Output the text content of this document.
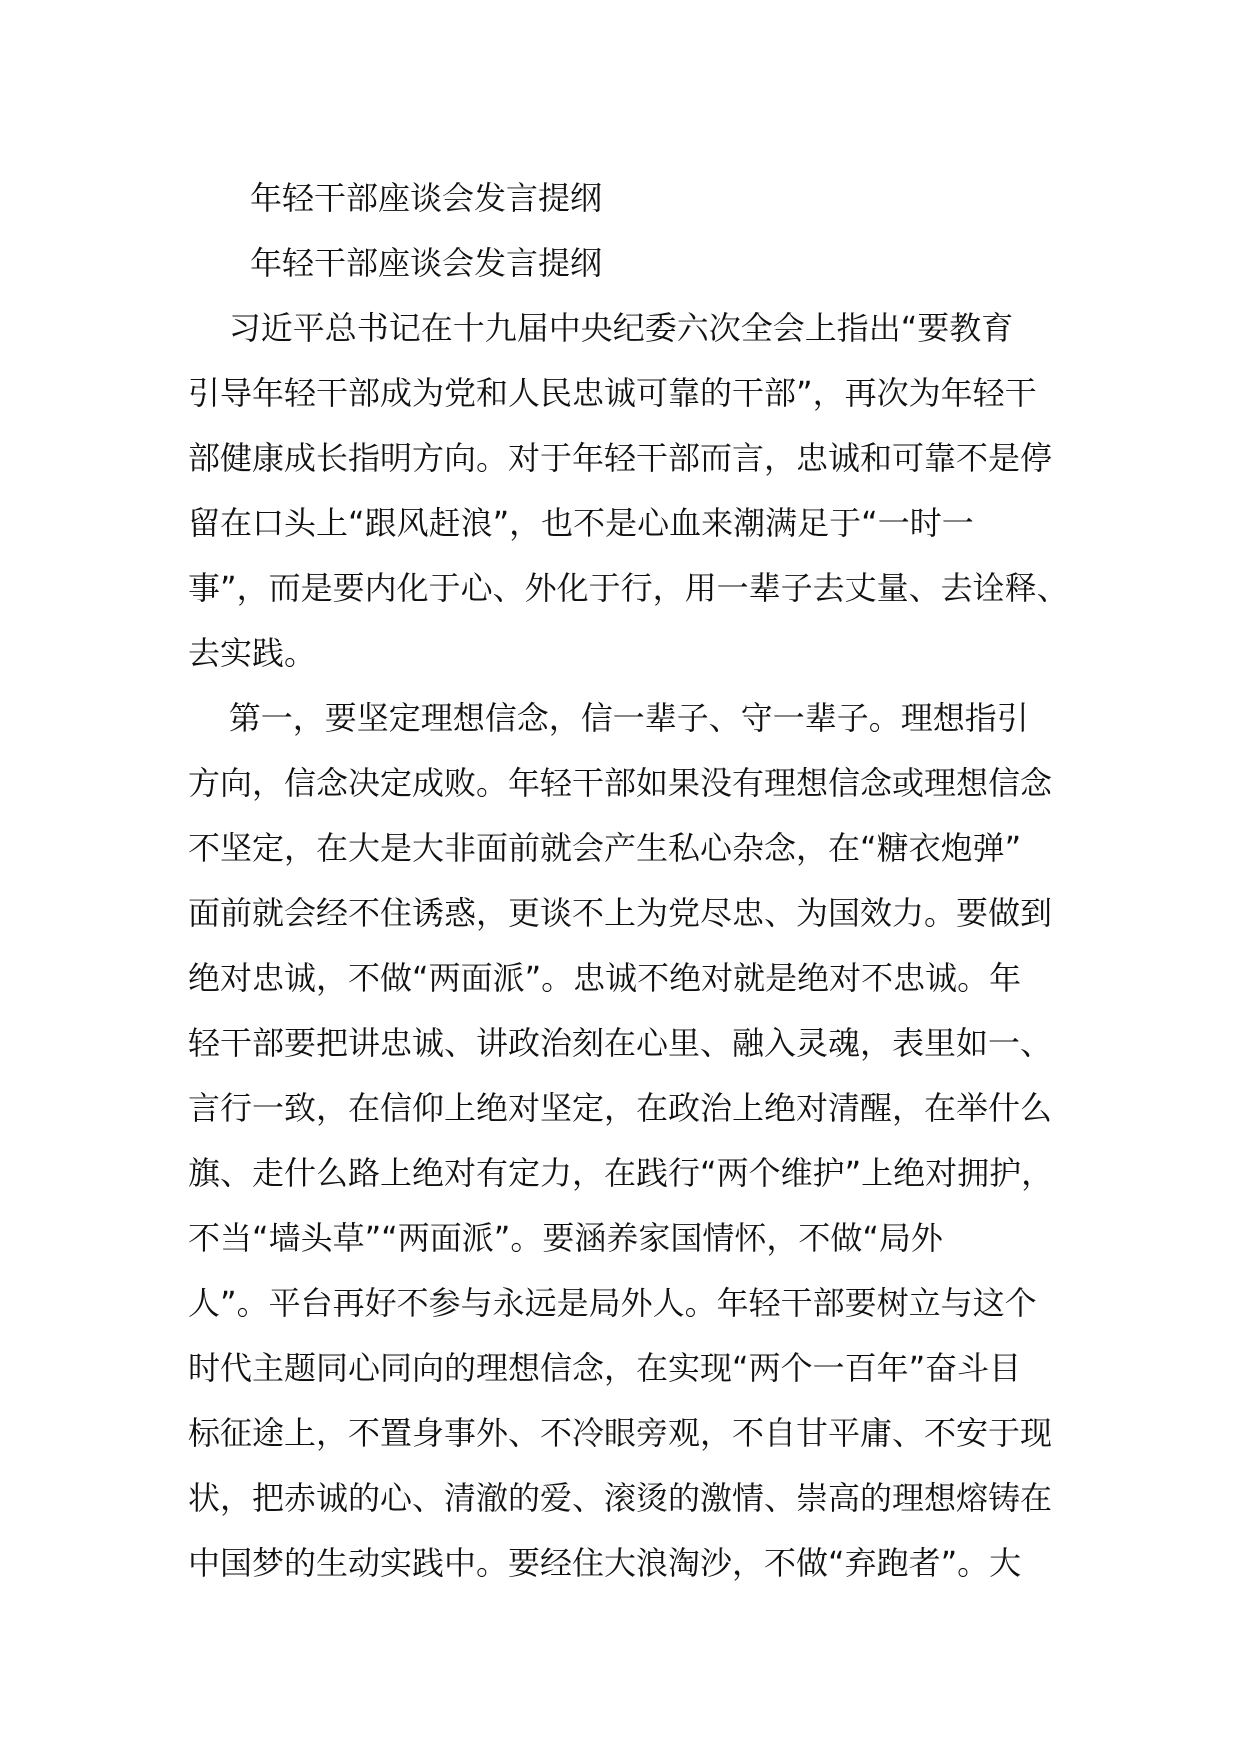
年轻干部座谈会发言提纲

年轻干部座谈会发言提纲

习近平总书记在十九届中央纪委六次全会上指出“要教育

引导年轻干部成为党和人民忠诚可靠的干部”，再次为年轻干

部健康成长指明方向。对于年轻干部而言，忠诚和可靠不是停

留在口头上“跟风赶浪”，也不是心血来潮满足于“一时一

事”，而是要内化于心、外化于行，用一辈子去丈量、去诠释、

去实践。

第一，要坚定理想信念，信一辈子、守一辈子。理想指引

方向，信念决定成败。年轻干部如果没有理想信念或理想信念

不坚定，在大是大非面前就会产生私心杂念，在“糖衣炮弹”

面前就会经不住诱惑，更谈不上为党尽忠、为国效力。要做到

绝对忠诚，不做“两面派”。忠诚不绝对就是绝对不忠诚。年

轻干部要把讲忠诚、讲政治刻在心里、融入灵魂，表里如一、

言行一致，在信仰上绝对坚定，在政治上绝对清醒，在举什么

旗、走什么路上绝对有定力，在践行“两个维护”上绝对拥护，

不当“墙头草”“两面派”。要涵养家国情怀，不做“局外

人”。平台再好不参与永远是局外人。年轻干部要树立与这个

时代主题同心同向的理想信念，在实现“两个一百年”奋斗目

标征途上，不置身事外、不冷眼旁观，不自甘平庸、不安于现

状，把赤诚的心、清澈的爱、滚烫的激情、崇高的理想熔铸在

中国梦的生动实践中。要经住大浪淘沙，不做“弃跑者”。大
